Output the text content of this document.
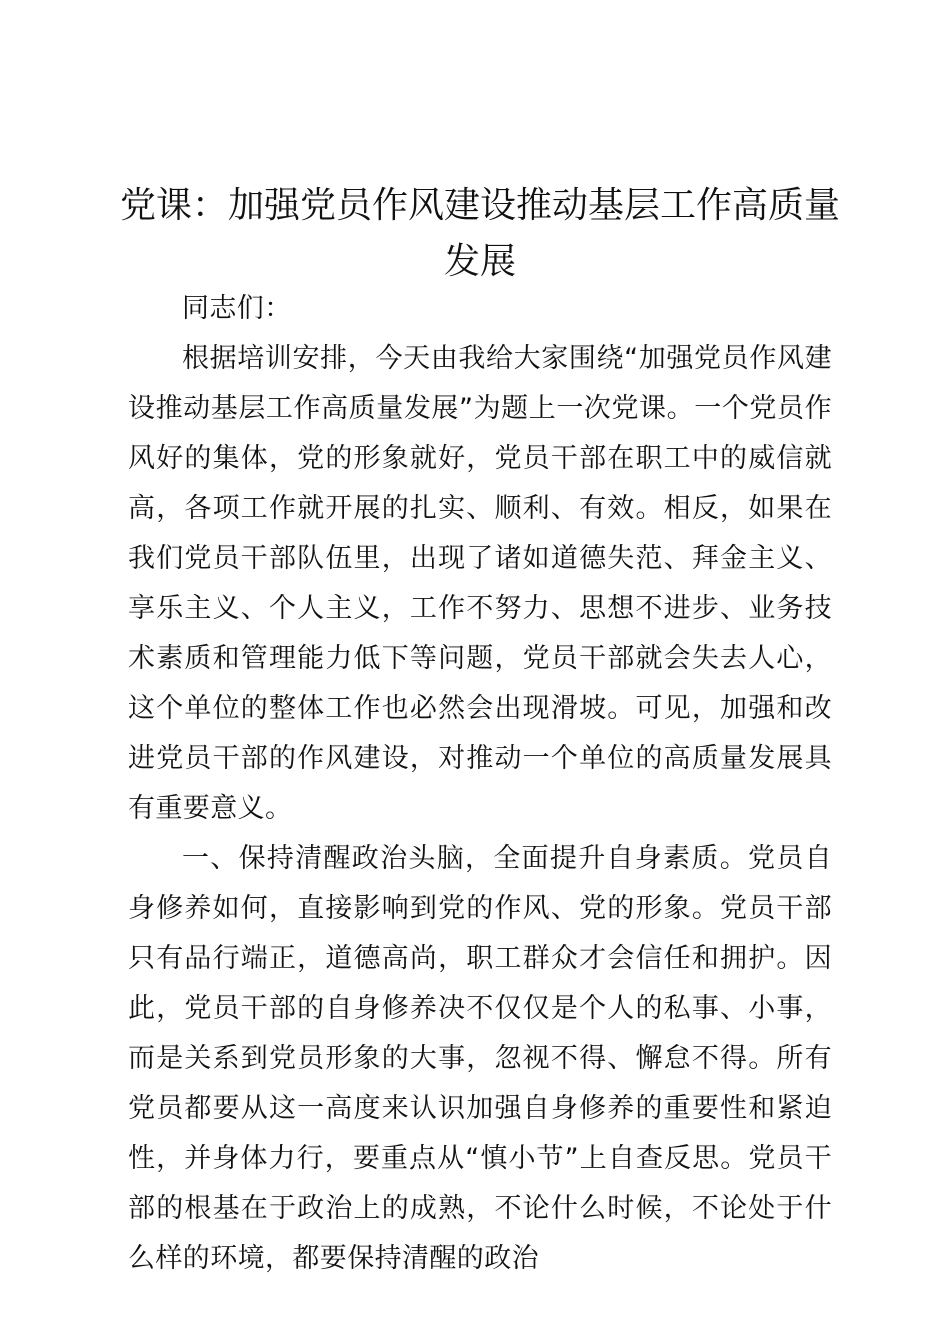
党课：加强党员作风建设推动基层工作高质量发展

同志们：

根据培训安排，今天由我给大家围绕“加强党员作风建设推动基层工作高质量发展”为题上一次党课。一个党员作风好的集体，党的形象就好，党员干部在职工中的威信就高，各项工作就开展的扎实、顺利、有效。相反，如果在我们党员干部队伍里，出现了诸如道德失范、拜金主义、享乐主义、个人主义，工作不努力、思想不进步、业务技术素质和管理能力低下等问题，党员干部就会失去人心，这个单位的整体工作也必然会出现滑坡。可见，加强和改进党员干部的作风建设，对推动一个单位的高质量发展具有重要意义。

一、保持清醒政治头脑，全面提升自身素质。党员自身修养如何，直接影响到党的作风、党的形象。党员干部只有品行端正，道德高尚，职工群众才会信任和拥护。因此，党员干部的自身修养决不仅仅是个人的私事、小事，而是关系到党员形象的大事，忽视不得、懈怠不得。所有党员都要从这一高度来认识加强自身修养的重要性和紧迫性，并身体力行，要重点从“慎小节”上自查反思。党员干部的根基在于政治上的成熟，不论什么时候，不论处于什么样的环境，都要保持清醒的政治
